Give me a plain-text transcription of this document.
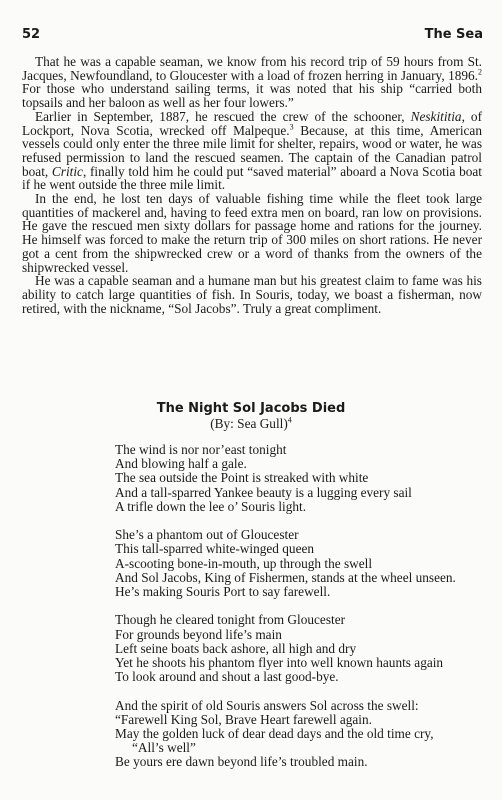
52	The Sea

That he was a capable seaman, we know from his record trip of 59 hours from St. Jacques, Newfoundland, to Gloucester with a load of frozen herring in January, 1896.$^2$ For those who understand sailing terms, it was noted that his ship “carried both topsails and her baloon as well as her four lowers.”

Earlier in September, 1887, he rescued the crew of the schooner, Neskititia, of Lockport, Nova Scotia, wrecked off Malpeque.$^3$ Because, at this time, American vessels could only enter the three mile limit for shelter, repairs, wood or water, he was refused permission to land the rescued seamen. The captain of the Canadian patrol boat, Critic, finally told him he could put “saved material” aboard a Nova Scotia boat if he went outside the three mile limit.

In the end, he lost ten days of valuable fishing time while the fleet took large quantities of mackerel and, having to feed extra men on board, ran low on provisions. He gave the rescued men sixty dollars for passage home and rations for the journey. He himself was forced to make the return trip of 300 miles on short rations. He never got a cent from the shipwrecked crew or a word of thanks from the owners of the shipwrecked vessel.

He was a capable seaman and a humane man but his greatest claim to fame was his ability to catch large quantities of fish. In Souris, today, we boast a fisherman, now retired, with the nickname, “Sol Jacobs”. Truly a great compliment.

The Night Sol Jacobs Died
(By: Sea Gull)$^4$
The wind is nor nor’east tonight
And blowing half a gale.
The sea outside the Point is streaked with white
And a tall-sparred Yankee beauty is a lugging every sail
A trifle down the lee o’ Souris light.
She’s a phantom out of Gloucester
This tall-sparred white-winged queen
A-scooting bone-in-mouth, up through the swell
And Sol Jacobs, King of Fishermen, stands at the wheel unseen.
He’s making Souris Port to say farewell.
Though he cleared tonight from Gloucester
For grounds beyond life’s main
Left seine boats back ashore, all high and dry
Yet he shoots his phantom flyer into well known haunts again
To look around and shout a last good-bye.
And the spirit of old Souris answers Sol across the swell:
“Farewell King Sol, Brave Heart farewell again.
May the golden luck of dear dead days and the old time cry, “All’s well”
Be yours ere dawn beyond life’s troubled main.
